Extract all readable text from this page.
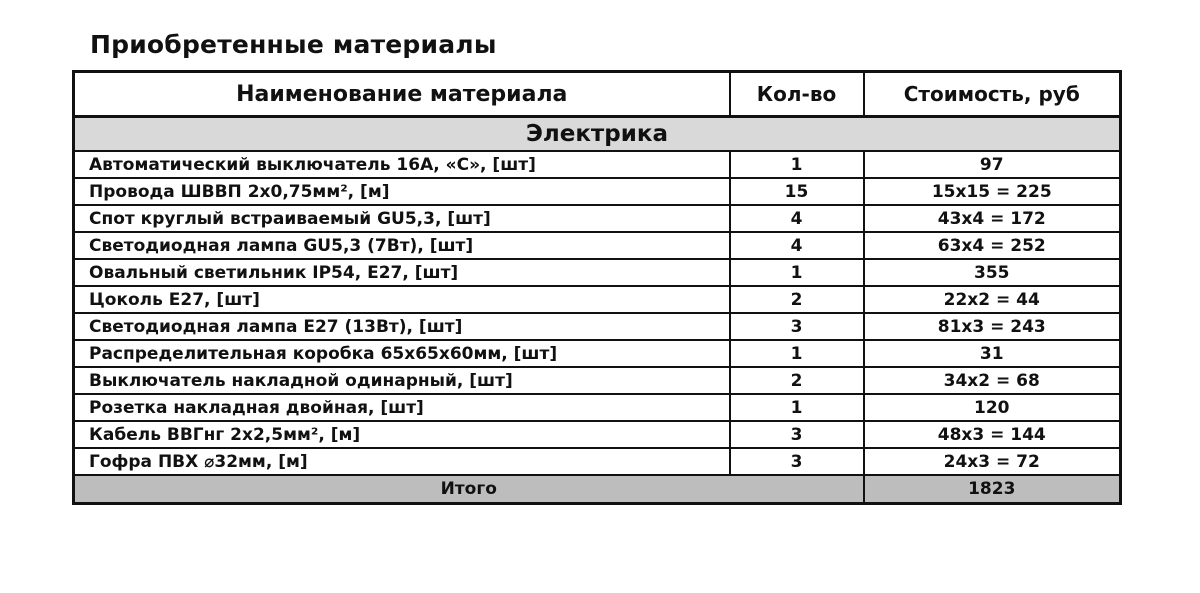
Приобретенные материалы
Наименование материала	Кол-во	Стоимость, руб
Электрика		
Автоматический выключатель 16А, «С», [шт]	1	97
Провода ШВВП 2х0,75мм², [м]	15	15x15 = 225
Спот круглый встраиваемый GU5,3, [шт]	4	43x4 = 172
Светодиодная лампа GU5,3 (7Вт), [шт]	4	63x4 = 252
Овальный светильник IP54, E27, [шт]	1	355
Цоколь E27, [шт]	2	22x2 = 44
Светодиодная лампа E27 (13Вт), [шт]	3	81x3 = 243
Распределительная коробка 65х65х60мм, [шт]	1	31
Выключатель накладной одинарный, [шт]	2	34x2 = 68
Розетка накладная двойная, [шт]	1	120
Кабель ВВГнг 2х2,5мм², [м]	3	48x3 = 144
Гофра ПВХ ⌀32мм, [м]	3	24x3 = 72
Итого		1823
